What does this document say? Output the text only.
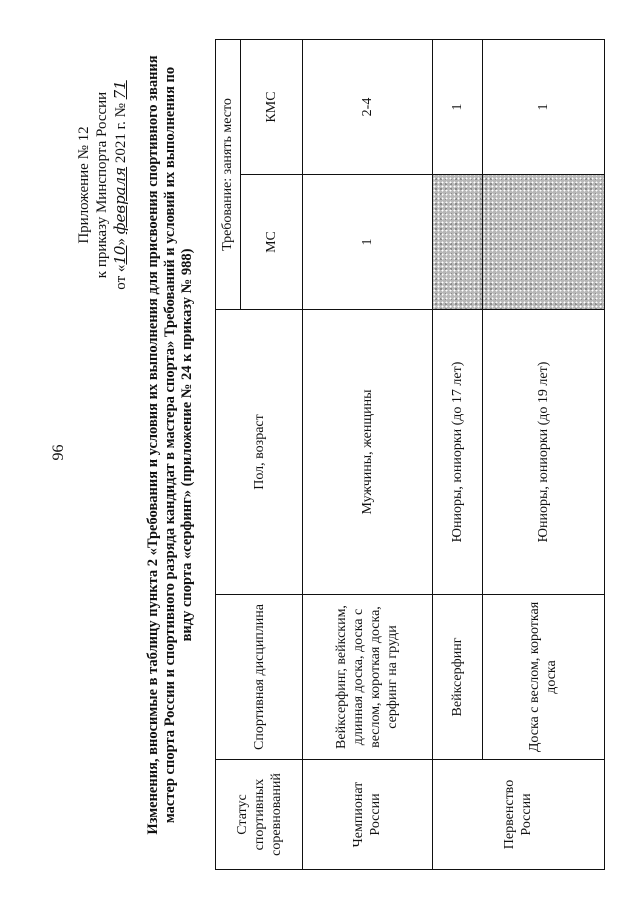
96
Приложение № 12 к приказу Минспорта России от «10» февраля 2021 г. № 71 Изменения, вносимые в таблицу пункта 2 «Требования и условия их выполнения для присвоения спортивного звания мастер спорта России и спортивного разряда кандидат в мастера спорта» Требований и условий их выполнения по виду спорта «серфинг» (приложение № 24 к приказу № 988)
Статус спортивных соревнований	Спортивная дисциплина	Пол, возраст	Требование: занять место	
			МС	КМС
Чемпионат России	Вейксерфинг, вейкским, длинная доска, доска с веслом, короткая доска, серфинг на груди	Мужчины, женщины	1	2-4
Первенство России	Вейксерфинг	Юниоры, юниорки (до 17 лет)		1
	Доска с веслом, короткая доска	Юниоры, юниорки (до 19 лет)		1
